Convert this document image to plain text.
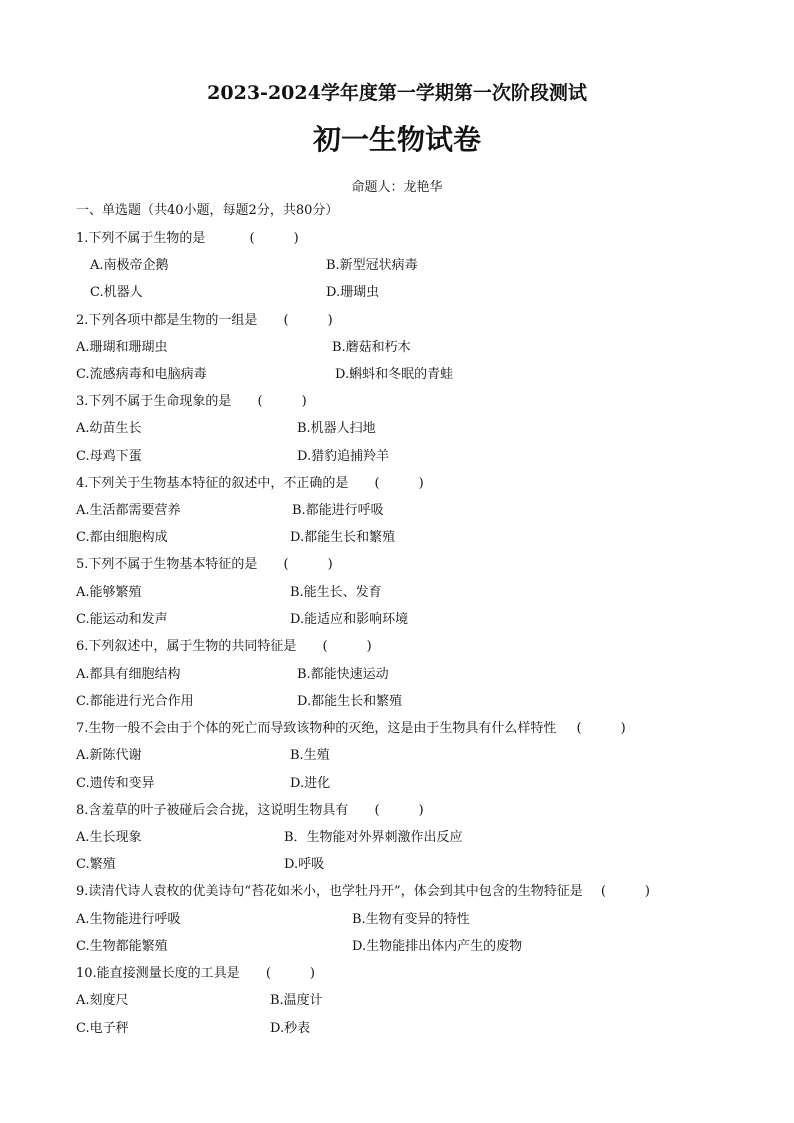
2023-2024学年度第一学期第一次阶段测试
初一生物试卷
命题人：龙艳华
一、单选题（共40小题，每题2分，共80分）
1.下列不属于生物的是	(　　　)
A.南极帝企鹅	B.新型冠状病毒
C.机器人	D.珊瑚虫
2.下列各项中都是生物的一组是 (　　　)
A.珊瑚和珊瑚虫	B.蘑菇和朽木
C.流感病毒和电脑病毒	D.蝌蚪和冬眠的青蛙
3.下列不属于生命现象的是 (　　　)
A.幼苗生长	B.机器人扫地
C.母鸡下蛋	D.猎豹追捕羚羊
4.下列关于生物基本特征的叙述中，不正确的是 (　　　)
A.生活都需要营养	B.都能进行呼吸
C.都由细胞构成	D.都能生长和繁殖
5.下列不属于生物基本特征的是 (　　　)
A.能够繁殖	B.能生长、发育
C.能运动和发声	D.能适应和影响环境
6.下列叙述中，属于生物的共同特征是 (　　　)
A.都具有细胞结构	B.都能快速运动
C.都能进行光合作用	D.都能生长和繁殖
7.生物一般不会由于个体的死亡而导致该物种的灭绝，这是由于生物具有什么样特性 (　　　)
A.新陈代谢	B.生殖
C.遗传和变异	D.进化
8.含羞草的叶子被碰后会合拢，这说明生物具有 (　　　)
A.生长现象	B．生物能对外界刺激作出反应
C.繁殖	D.呼吸
9.读清代诗人袁枚的优美诗句“苔花如米小，也学牡丹开”，体会到其中包含的生物特征是 (　　　)
A.生物能进行呼吸	B.生物有变异的特性
C.生物都能繁殖	D.生物能排出体内产生的废物
10.能直接测量长度的工具是 (　　　)
A.刻度尺	B.温度计
C.电子秤	D.秒表
